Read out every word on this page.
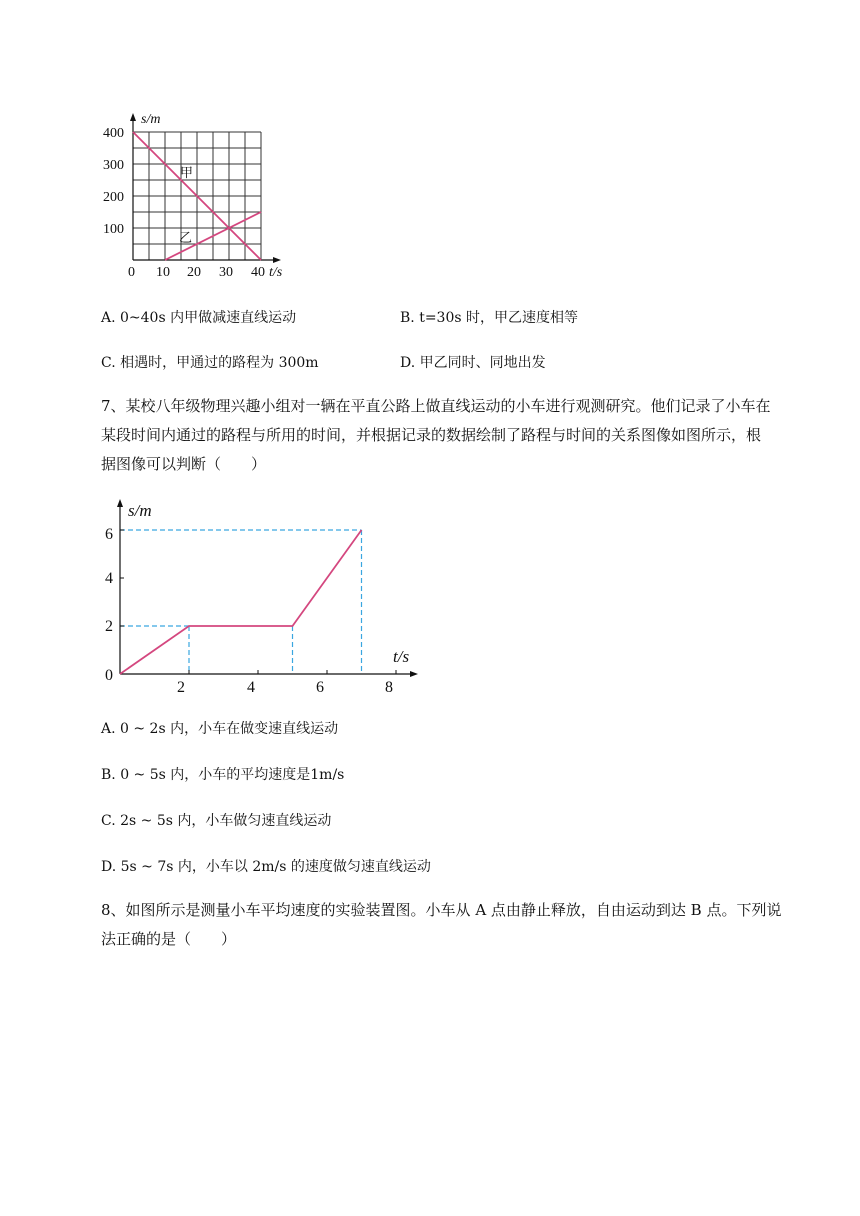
s/m
t/s
400
300
200
100
0 10 20 30 40
甲
乙
A. 0~40s 内甲做减速直线运动	B. t=30s 时，甲乙速度相等
C. 相遇时，甲通过的路程为 300m	D. 甲乙同时、同地出发
7、某校八年级物理兴趣小组对一辆在平直公路上做直线运动的小车进行观测研究。他们记录了小车在
某段时间内通过的路程与所用的时间，并根据记录的数据绘制了路程与时间的关系图像如图所示，根
据图像可以判断（　　）
s/m
t/s
6
4
2
0
2	4	6	8
A. 0 ~ 2s 内，小车在做变速直线运动
B. 0 ~ 5s 内，小车的平均速度是1m/s
C. 2s ~ 5s 内，小车做匀速直线运动
D. 5s ~ 7s 内，小车以 2m/s 的速度做匀速直线运动
8、如图所示是测量小车平均速度的实验装置图。小车从 A 点由静止释放，自由运动到达 B 点。下列说
法正确的是（　　）
